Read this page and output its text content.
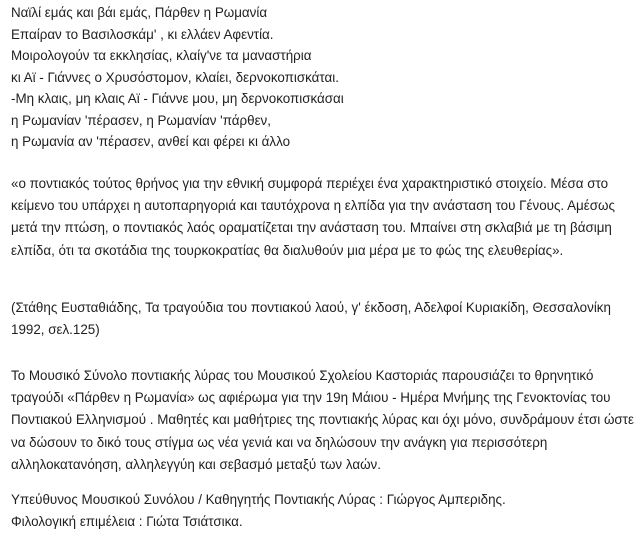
Ναϊλί εμάς και βάι εμάς, Πάρθεν η Ρωμανία
Επαίραν το Βασιλοσκάμ' , κι ελλάεν Αφεντία.
Μοιρολογούν τα εκκλησίας, κλαίγ'νε τα μαναστήρια
κι Αϊ - Γιάννες ο Χρυσόστομον, κλαίει, δερνοκοπισκάται.
-Μη κλαις, μη κλαις Αϊ - Γιάννε μου, μη δερνοκοπισκάσαι
η Ρωμανίαν 'πέρασεν, η Ρωμανίαν 'πάρθεν,
η Ρωμανία αν 'πέρασεν, ανθεί και φέρει κι άλλο

«ο ποντιακός τούτος θρήνος για την εθνική συμφορά περιέχει ένα χαρακτηριστικό στοιχείο. Μέσα στο κείμενο του υπάρχει η αυτοπαρηγοριά και ταυτόχρονα η ελπίδα για την ανάσταση του Γένους. Αμέσως μετά την πτώση, ο ποντιακός λαός οραματίζεται την ανάσταση του. Μπαίνει στη σκλαβιά με τη βάσιμη ελπίδα, ότι τα σκοτάδια της τουρκοκρατίας θα διαλυθούν μια μέρα με το φώς της ελευθερίας».

(Στάθης Ευσταθιάδης, Τα τραγούδια του ποντιακού λαού, γ' έκδοση, Αδελφοί Κυριακίδη, Θεσσαλονίκη 1992, σελ.125)

Το Μουσικό Σύνολο ποντιακής λύρας του Μουσικού Σχολείου Καστοριάς παρουσιάζει το θρηνητικό τραγούδι «Πάρθεν η Ρωμανία» ως αφιέρωμα για την 19η Μάιου - Ημέρα Μνήμης της Γενοκτονίας του Ποντιακού Ελληνισμού . Μαθητές και μαθήτριες της ποντιακής λύρας και όχι μόνο, συνδράμουν έτσι ώστε να δώσουν το δικό τους στίγμα ως νέα γενιά και να δηλώσουν την ανάγκη για περισσότερη αλληλοκατανόηση, αλληλεγγύη και σεβασμό μεταξύ των λαών.

Υπεύθυνος Μουσικού Συνόλου / Καθηγητής Ποντιακής Λύρας : Γιώργος Αμπεριδης.
Φιλολογική επιμέλεια : Γιώτα Τσιάτσικα.
